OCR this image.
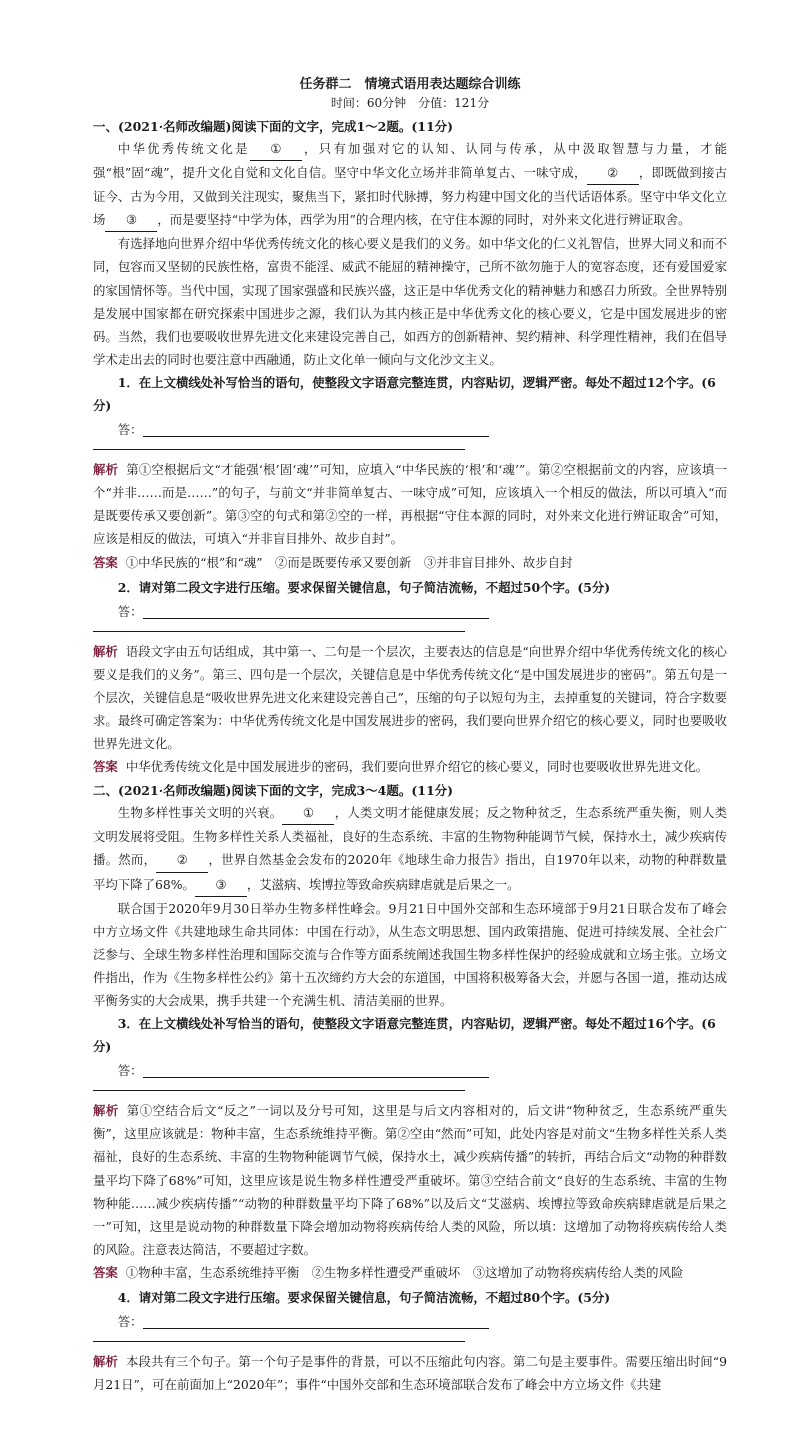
任务群二　情境式语用表达题综合训练
时间：60分钟　分值：121分

一、(2021·名师改编题)阅读下面的文字，完成1～2题。(11分)

中华优秀传统文化是 ① ，只有加强对它的认知、认同与传承，从中汲取智慧与力量，才能强“根”固“魂”，提升文化自觉和文化自信。坚守中华文化立场并非简单复古、一味守成， ② ，即既做到接古证今、古为今用，又做到关注现实，聚焦当下，紧扣时代脉搏，努力构建中国文化的当代话语体系。坚守中华文化立场 ③ ，而是要坚持“中学为体，西学为用”的合理内核，在守住本源的同时，对外来文化进行辨证取舍。

有选择地向世界介绍中华优秀传统文化的核心要义是我们的义务。如中华文化的仁义礼智信，世界大同义和而不同，包容而又坚韧的民族性格，富贵不能淫、威武不能屈的精神操守，己所不欲勿施于人的宽容态度，还有爱国爱家的家国情怀等。当代中国，实现了国家强盛和民族兴盛，这正是中华优秀文化的精神魅力和感召力所致。全世界特别是发展中国家都在研究探索中国进步之源，我们认为其内核正是中华优秀文化的核心要义，它是中国发展进步的密码。当然，我们也要吸收世界先进文化来建设完善自己，如西方的创新精神、契约精神、科学理性精神，我们在倡导学术走出去的同时也要注意中西融通，防止文化单一倾向与文化沙文主义。

1．在上文横线处补写恰当的语句，使整段文字语意完整连贯，内容贴切，逻辑严密。每处不超过12个字。(6分)

答：

解析 第①空根据后文“才能强‘根’固‘魂’”可知，应填入“中华民族的‘根’和‘魂’”。第②空根据前文的内容，应该填一个“并非……而是……”的句子，与前文“并非简单复古、一味守成”可知，应该填入一个相反的做法，所以可填入“而是既要传承又要创新”。第③空的句式和第②空的一样，再根据“守住本源的同时，对外来文化进行辨证取舍”可知，应该是相反的做法，可填入“并非盲目排外、故步自封”。

答案 ①中华民族的“根”和“魂”　②而是既要传承又要创新　③并非盲目排外、故步自封

2．请对第二段文字进行压缩。要求保留关键信息，句子简洁流畅，不超过50个字。(5分)

答：

解析 语段文字由五句话组成，其中第一、二句是一个层次，主要表达的信息是“向世界介绍中华优秀传统文化的核心要义是我们的义务”。第三、四句是一个层次，关键信息是中华优秀传统文化“是中国发展进步的密码”。第五句是一个层次，关键信息是“吸收世界先进文化来建设完善自己”，压缩的句子以短句为主，去掉重复的关键词，符合字数要求。最终可确定答案为：中华优秀传统文化是中国发展进步的密码，我们要向世界介绍它的核心要义，同时也要吸收世界先进文化。

答案 中华优秀传统文化是中国发展进步的密码，我们要向世界介绍它的核心要义，同时也要吸收世界先进文化。

二、(2021·名师改编题)阅读下面的文字，完成3～4题。(11分)

生物多样性事关文明的兴衰。 ① ，人类文明才能健康发展；反之物种贫乏，生态系统严重失衡，则人类文明发展将受阻。生物多样性关系人类福祉，良好的生态系统、丰富的生物物种能调节气候，保持水土，减少疾病传播。然而， ② ，世界自然基金会发布的2020年《地球生命力报告》指出，自1970年以来，动物的种群数量平均下降了68%。 ③ ，艾滋病、埃博拉等致命疾病肆虐就是后果之一。

联合国于2020年9月30日举办生物多样性峰会。9月21日中国外交部和生态环境部于9月21日联合发布了峰会中方立场文件《共建地球生命共同体：中国在行动》，从生态文明思想、国内政策措施、促进可持续发展、全社会广泛参与、全球生物多样性治理和国际交流与合作等方面系统阐述我国生物多样性保护的经验成就和立场主张。立场文件指出，作为《生物多样性公约》第十五次缔约方大会的东道国，中国将积极筹备大会，并愿与各国一道，推动达成平衡务实的大会成果，携手共建一个充满生机、清洁美丽的世界。

3．在上文横线处补写恰当的语句，使整段文字语意完整连贯，内容贴切，逻辑严密。每处不超过16个字。(6分)

答：

解析 第①空结合后文“反之”一词以及分号可知，这里是与后文内容相对的，后文讲“物种贫乏，生态系统严重失衡”，这里应该就是：物种丰富，生态系统维持平衡。第②空由“然而”可知，此处内容是对前文“生物多样性关系人类福祉，良好的生态系统、丰富的生物物种能调节气候，保持水土，减少疾病传播”的转折，再结合后文“动物的种群数量平均下降了68%”可知，这里应该是说生物多样性遭受严重破坏。第③空结合前文“良好的生态系统、丰富的生物物种能……减少疾病传播”“动物的种群数量平均下降了68%”以及后文“艾滋病、埃博拉等致命疾病肆虐就是后果之一”可知，这里是说动物的种群数量下降会增加动物将疾病传给人类的风险，所以填：这增加了动物将疾病传给人类的风险。注意表达简洁，不要超过字数。

答案 ①物种丰富，生态系统维持平衡　②生物多样性遭受严重破坏　③这增加了动物将疾病传给人类的风险

4．请对第二段文字进行压缩。要求保留关键信息，句子简洁流畅，不超过80个字。(5分)

答：

解析 本段共有三个句子。第一个句子是事件的背景，可以不压缩此句内容。第二句是主要事件。需要压缩出时间“9月21日”，可在前面加上“2020年”；事件“中国外交部和生态环境部联合发布了峰会中方立场文件《共建
